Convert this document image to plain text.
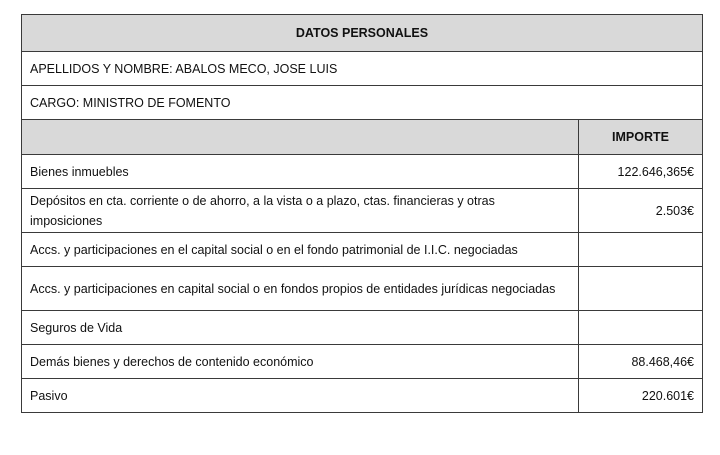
DATOS PERSONALES	
APELLIDOS Y NOMBRE: ABALOS MECO, JOSE LUIS	
CARGO: MINISTRO DE FOMENTO	
	IMPORTE
Bienes inmuebles	122.646,365€
Depósitos en cta. corriente o de ahorro, a la vista o a plazo, ctas. financieras y otras imposiciones	2.503€
Accs. y participaciones en el capital social o en el fondo patrimonial de I.I.C. negociadas	
Accs. y participaciones en capital social o en fondos propios de entidades jurídicas negociadas	
Seguros de Vida	
Demás bienes y derechos de contenido económico	88.468,46€
Pasivo	220.601€
